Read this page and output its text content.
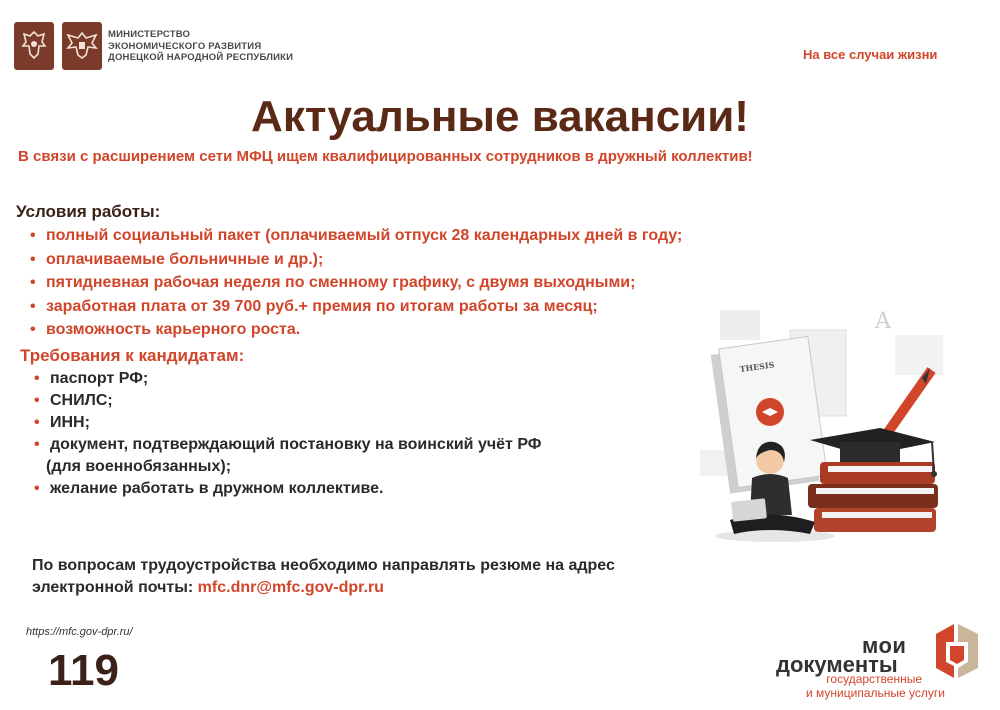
МИНИСТЕРСТВО
ЭКОНОМИЧЕСКОГО РАЗВИТИЯ
ДОНЕЦКОЙ НАРОДНОЙ РЕСПУБЛИКИ	На все случаи жизни
Актуальные вакансии!
В связи с расширением сети МФЦ ищем квалифицированных сотрудников в дружный коллектив!
Условия работы:
• полный социальный пакет (оплачиваемый отпуск 28 календарных дней в году;
• оплачиваемые больничные и др.);
• пятидневная рабочая неделя по сменному графику, с двумя выходными;
• заработная плата от 39 700 руб.+ премия по итогам работы за месяц;
• возможность карьерного роста.
Требования к кандидатам:
• паспорт РФ;
• СНИЛС;
• ИНН;
• документ, подтверждающий постановку на воинский учёт РФ
(для военнобязанных);
• желание работать в дружном коллективе.
A
THESIS
По вопросам трудоустройства необходимо направлять резюме на адрес
электронной почты: mfc.dnr@mfc.gov-dpr.ru
https://mfc.gov-dpr.ru/
119
мои
документы
государственные
и муниципальные услуги
